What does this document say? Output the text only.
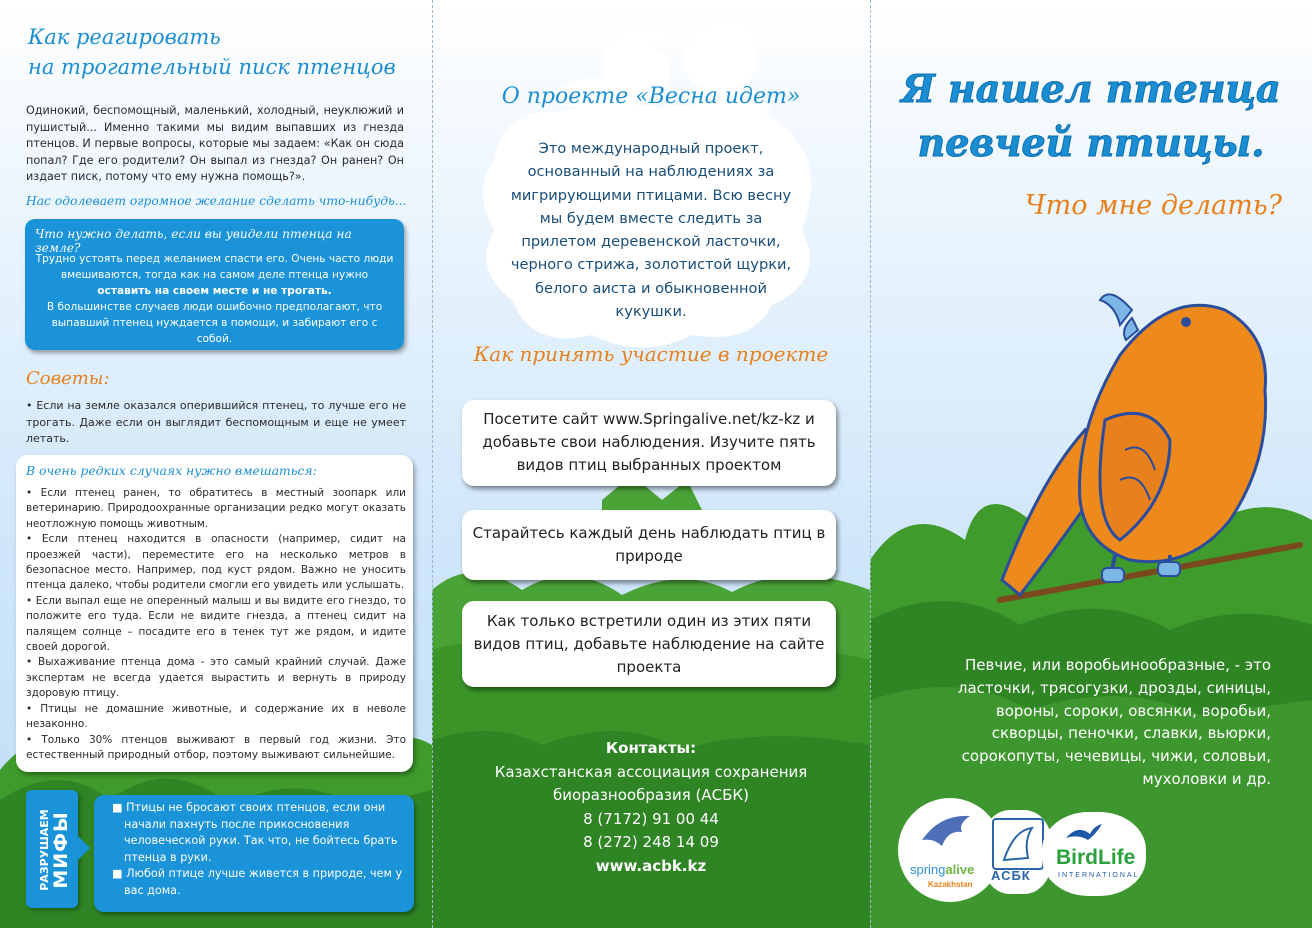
Как реагировать
на трогательный писк птенцов
Одинокий, беспомощный, маленький, холодный, неуклюжий и пушистый... Именно такими мы видим выпавших из гнезда птенцов. И первые вопросы, которые мы задаем: «Как он сюда попал? Где его родители? Он выпал из гнезда? Он ранен? Он издает писк, потому что ему нужна помощь?».
Нас одолевает огромное желание сделать что-нибудь...
Что нужно делать, если вы увидели птенца на земле?
Трудно устоять перед желанием спасти его. Очень часто люди вмешиваются, тогда как на самом деле птенца нужно оставить на своем месте и не трогать.
В большинстве случаев люди ошибочно предполагают, что выпавший птенец нуждается в помощи, и забирают его с собой.
Советы:
• Если на земле оказался оперившийся птенец, то лучше его не трогать. Даже если он выглядит беспомощным и еще не умеет летать.
В очень редких случаях нужно вмешаться:
• Если птенец ранен, то обратитесь в местный зоопарк или ветеринарию. Природоохранные организации редко могут оказать неотложную помощь животным.
• Если птенец находится в опасности (например, сидит на проезжей части), переместите его на несколько метров в безопасное место. Например, под куст рядом. Важно не уносить птенца далеко, чтобы родители смогли его увидеть или услышать.
• Если выпал еще не оперенный малыш и вы видите его гнездо, то положите его туда. Если не видите гнезда, а птенец сидит на палящем солнце – посадите его в тенек тут же рядом, и идите своей дорогой.
• Выхаживание птенца дома - это самый крайний случай. Даже экспертам не всегда удается вырастить и вернуть в природу здоровую птицу.
• Птицы не домашние животные, и содержание их в неволе незаконно.
• Только 30% птенцов выживают в первый год жизни. Это естественный природный отбор, поэтому выживают сильнейшие.
РАЗРУШАЕМ МИФЫ
■ Птицы не бросают своих птенцов, если они начали пахнуть после прикосновения человеческой руки. Так что, не бойтесь брать птенца в руки.
■ Любой птице лучше живется в природе, чем у вас дома.
О проекте «Весна идет»
Это международный проект, основанный на наблюдениях за мигрирующими птицами. Всю весну мы будем вместе следить за прилетом деревенской ласточки, черного стрижа, золотистой щурки, белого аиста и обыкновенной кукушки.
Как принять участие в проекте
Посетите сайт www.Springalive.net/kz-kz и добавьте свои наблюдения. Изучите пять видов птиц выбранных проектом
Старайтесь каждый день наблюдать птиц в природе
Как только встретили один из этих пяти видов птиц, добавьте наблюдение на сайте проекта
Контакты:
Казахстанская ассоциация сохранения
биоразнообразия (АСБК)
8 (7172) 91 00 44
8 (272) 248 14 09
www.acbk.kz
Я нашел птенца
певчей птицы.
Что мне делать?
Певчие, или воробьинообразные, - это ласточки, трясогузки, дрозды, синицы, вороны, сороки, овсянки, воробьи, скворцы, пеночки, славки, вьюрки, сорокопуты, чечевицы, чижи, соловьи, мухоловки и др.
springalive
Kazakhstan
АСБК
BirdLife
INTERNATIONAL
